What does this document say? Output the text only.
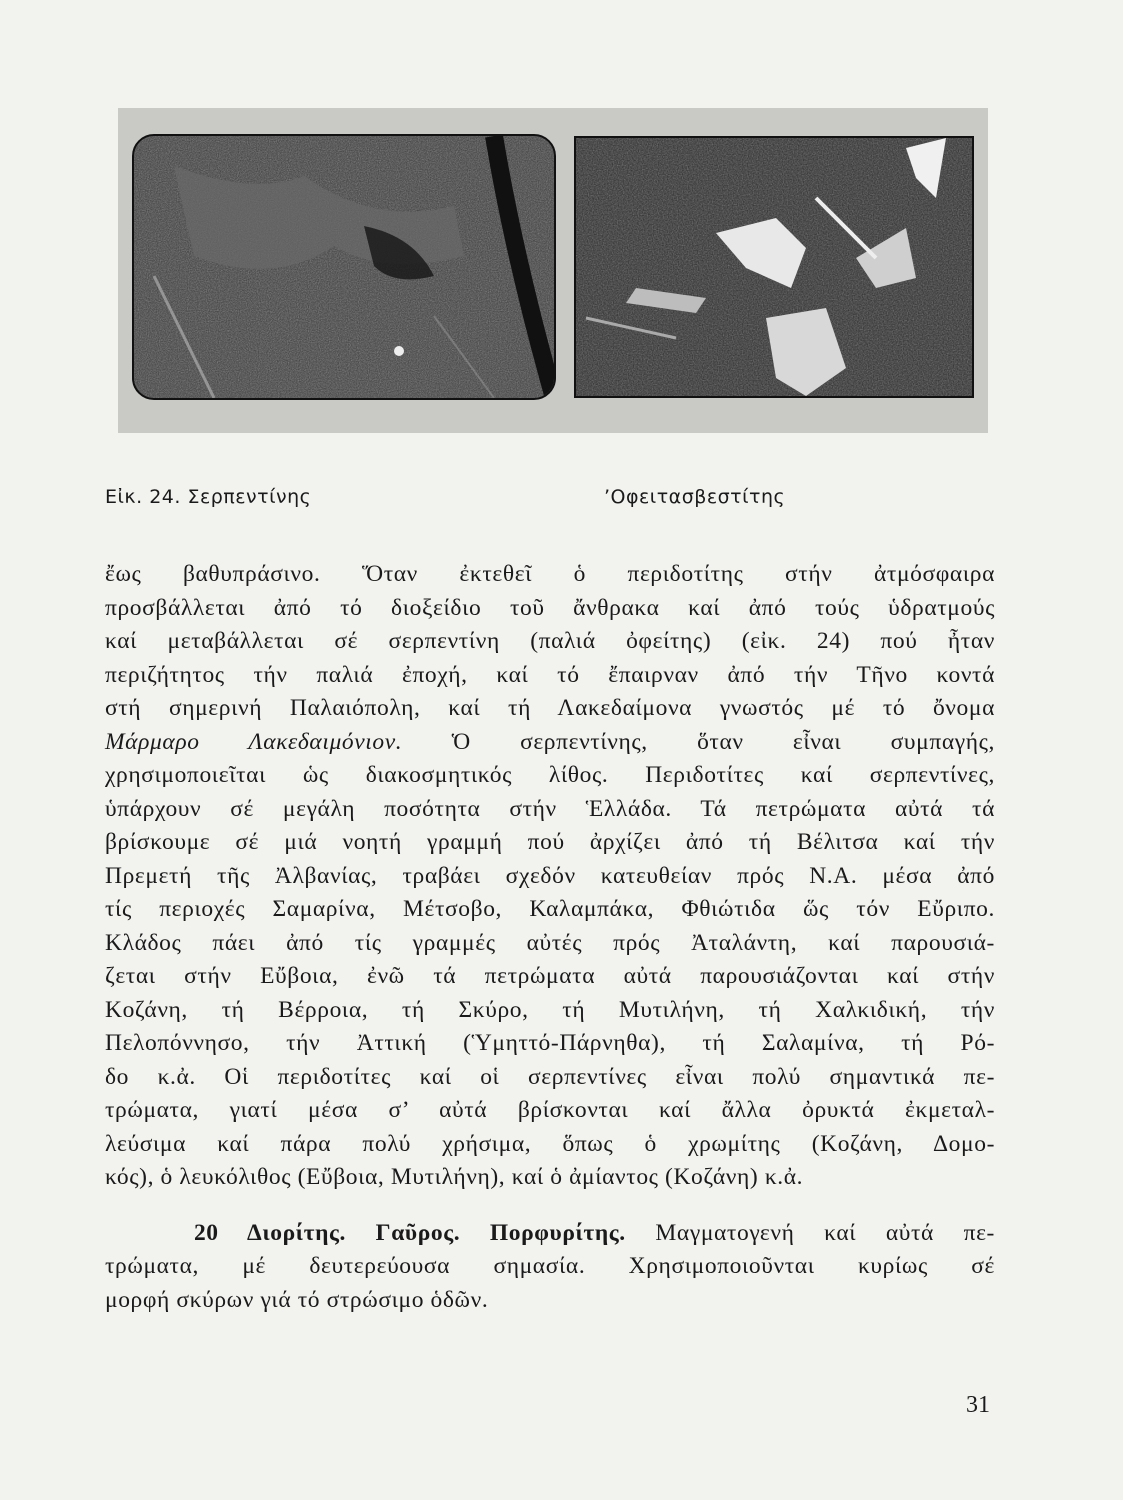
Εἰκ. 24. Σερπεντίνης	’Οφειτασβεστίτης

ἔως βαθυπράσινο. Ὅταν ἐκτεθεῖ ὁ περιδοτίτης στήν ἀτμόσφαιρα
προσβάλλεται ἀπό τό διοξείδιο τοῦ ἄνθρακα καί ἀπό τούς ὑδρατμούς
καί μεταβάλλεται σέ σερπεντίνη (παλιά ὀφείτης) (εἰκ. 24) πού ἦταν
περιζήτητος τήν παλιά ἐποχή, καί τό ἔπαιρναν ἀπό τήν Τῆνο κοντά
στή σημερινή Παλαιόπολη, καί τή Λακεδαίμονα γνωστός μέ τό ὄνομα
Μάρμαρο Λακεδαιμόνιον. Ὁ σερπεντίνης, ὅταν εἶναι συμπαγής,
χρησιμοποιεῖται ὡς διακοσμητικός λίθος. Περιδοτίτες καί σερπεντίνες,
ὑπάρχουν σέ μεγάλη ποσότητα στήν Ἑλλάδα. Τά πετρώματα αὐτά τά
βρίσκουμε σέ μιά νοητή γραμμή πού ἀρχίζει ἀπό τή Βέλιτσα καί τήν
Πρεμετή τῆς Ἀλβανίας, τραβάει σχεδόν κατευθείαν πρός Ν.Α. μέσα ἀπό
τίς περιοχές Σαμαρίνα, Μέτσοβο, Καλαμπάκα, Φθιώτιδα ὥς τόν Εὔριπο.
Κλάδος πάει ἀπό τίς γραμμές αὐτές πρός Ἀταλάντη, καί παρουσιά-
ζεται στήν Εὔβοια, ἐνῶ τά πετρώματα αὐτά παρουσιάζονται καί στήν
Κοζάνη, τή Βέρροια, τή Σκύρο, τή Μυτιλήνη, τή Χαλκιδική, τήν
Πελοπόννησο, τήν Ἀττική (Ὑμηττό-Πάρνηθα), τή Σαλαμίνα, τή Ρό-
δο κ.ἀ. Οἱ περιδοτίτες καί οἱ σερπεντίνες εἶναι πολύ σημαντικά πε-
τρώματα, γιατί μέσα σ’ αὐτά βρίσκονται καί ἄλλα ὀρυκτά ἐκμεταλ-
λεύσιμα καί πάρα πολύ χρήσιμα, ὅπως ὁ χρωμίτης (Κοζάνη, Δομο-
κός), ὁ λευκόλιθος (Εὔβοια, Μυτιλήνη), καί ὁ ἀμίαντος (Κοζάνη) κ.ἀ.

20 Διορίτης. Γαῦρος. Πορφυρίτης. Μαγματογενή καί αὐτά πε-
τρώματα, μέ δευτερεύουσα σημασία. Χρησιμοποιοῦνται κυρίως σέ
μορφή σκύρων γιά τό στρώσιμο ὁδῶν.

31
